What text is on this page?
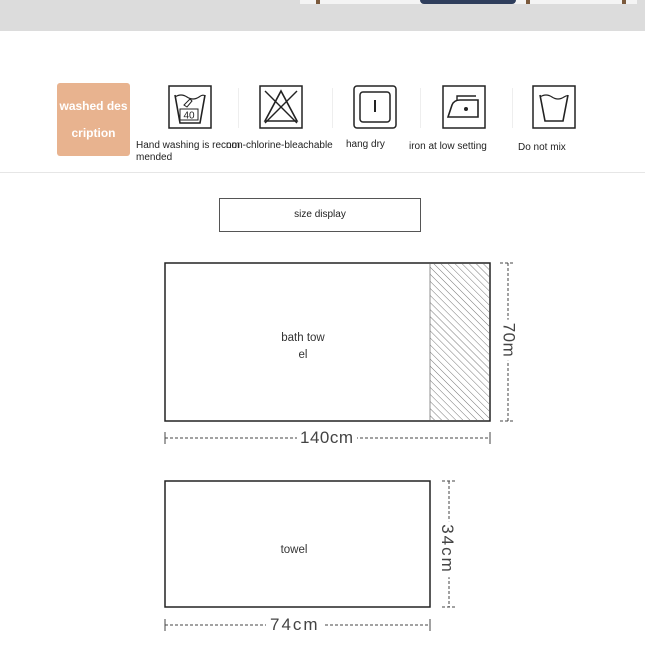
washed description
40
Hand washing is recom
mended
non-chlorine-bleachable hang dry iron at low setting	Do not mix
size display
bath tow
el
140cm
70m
towel
74cm
34cm
